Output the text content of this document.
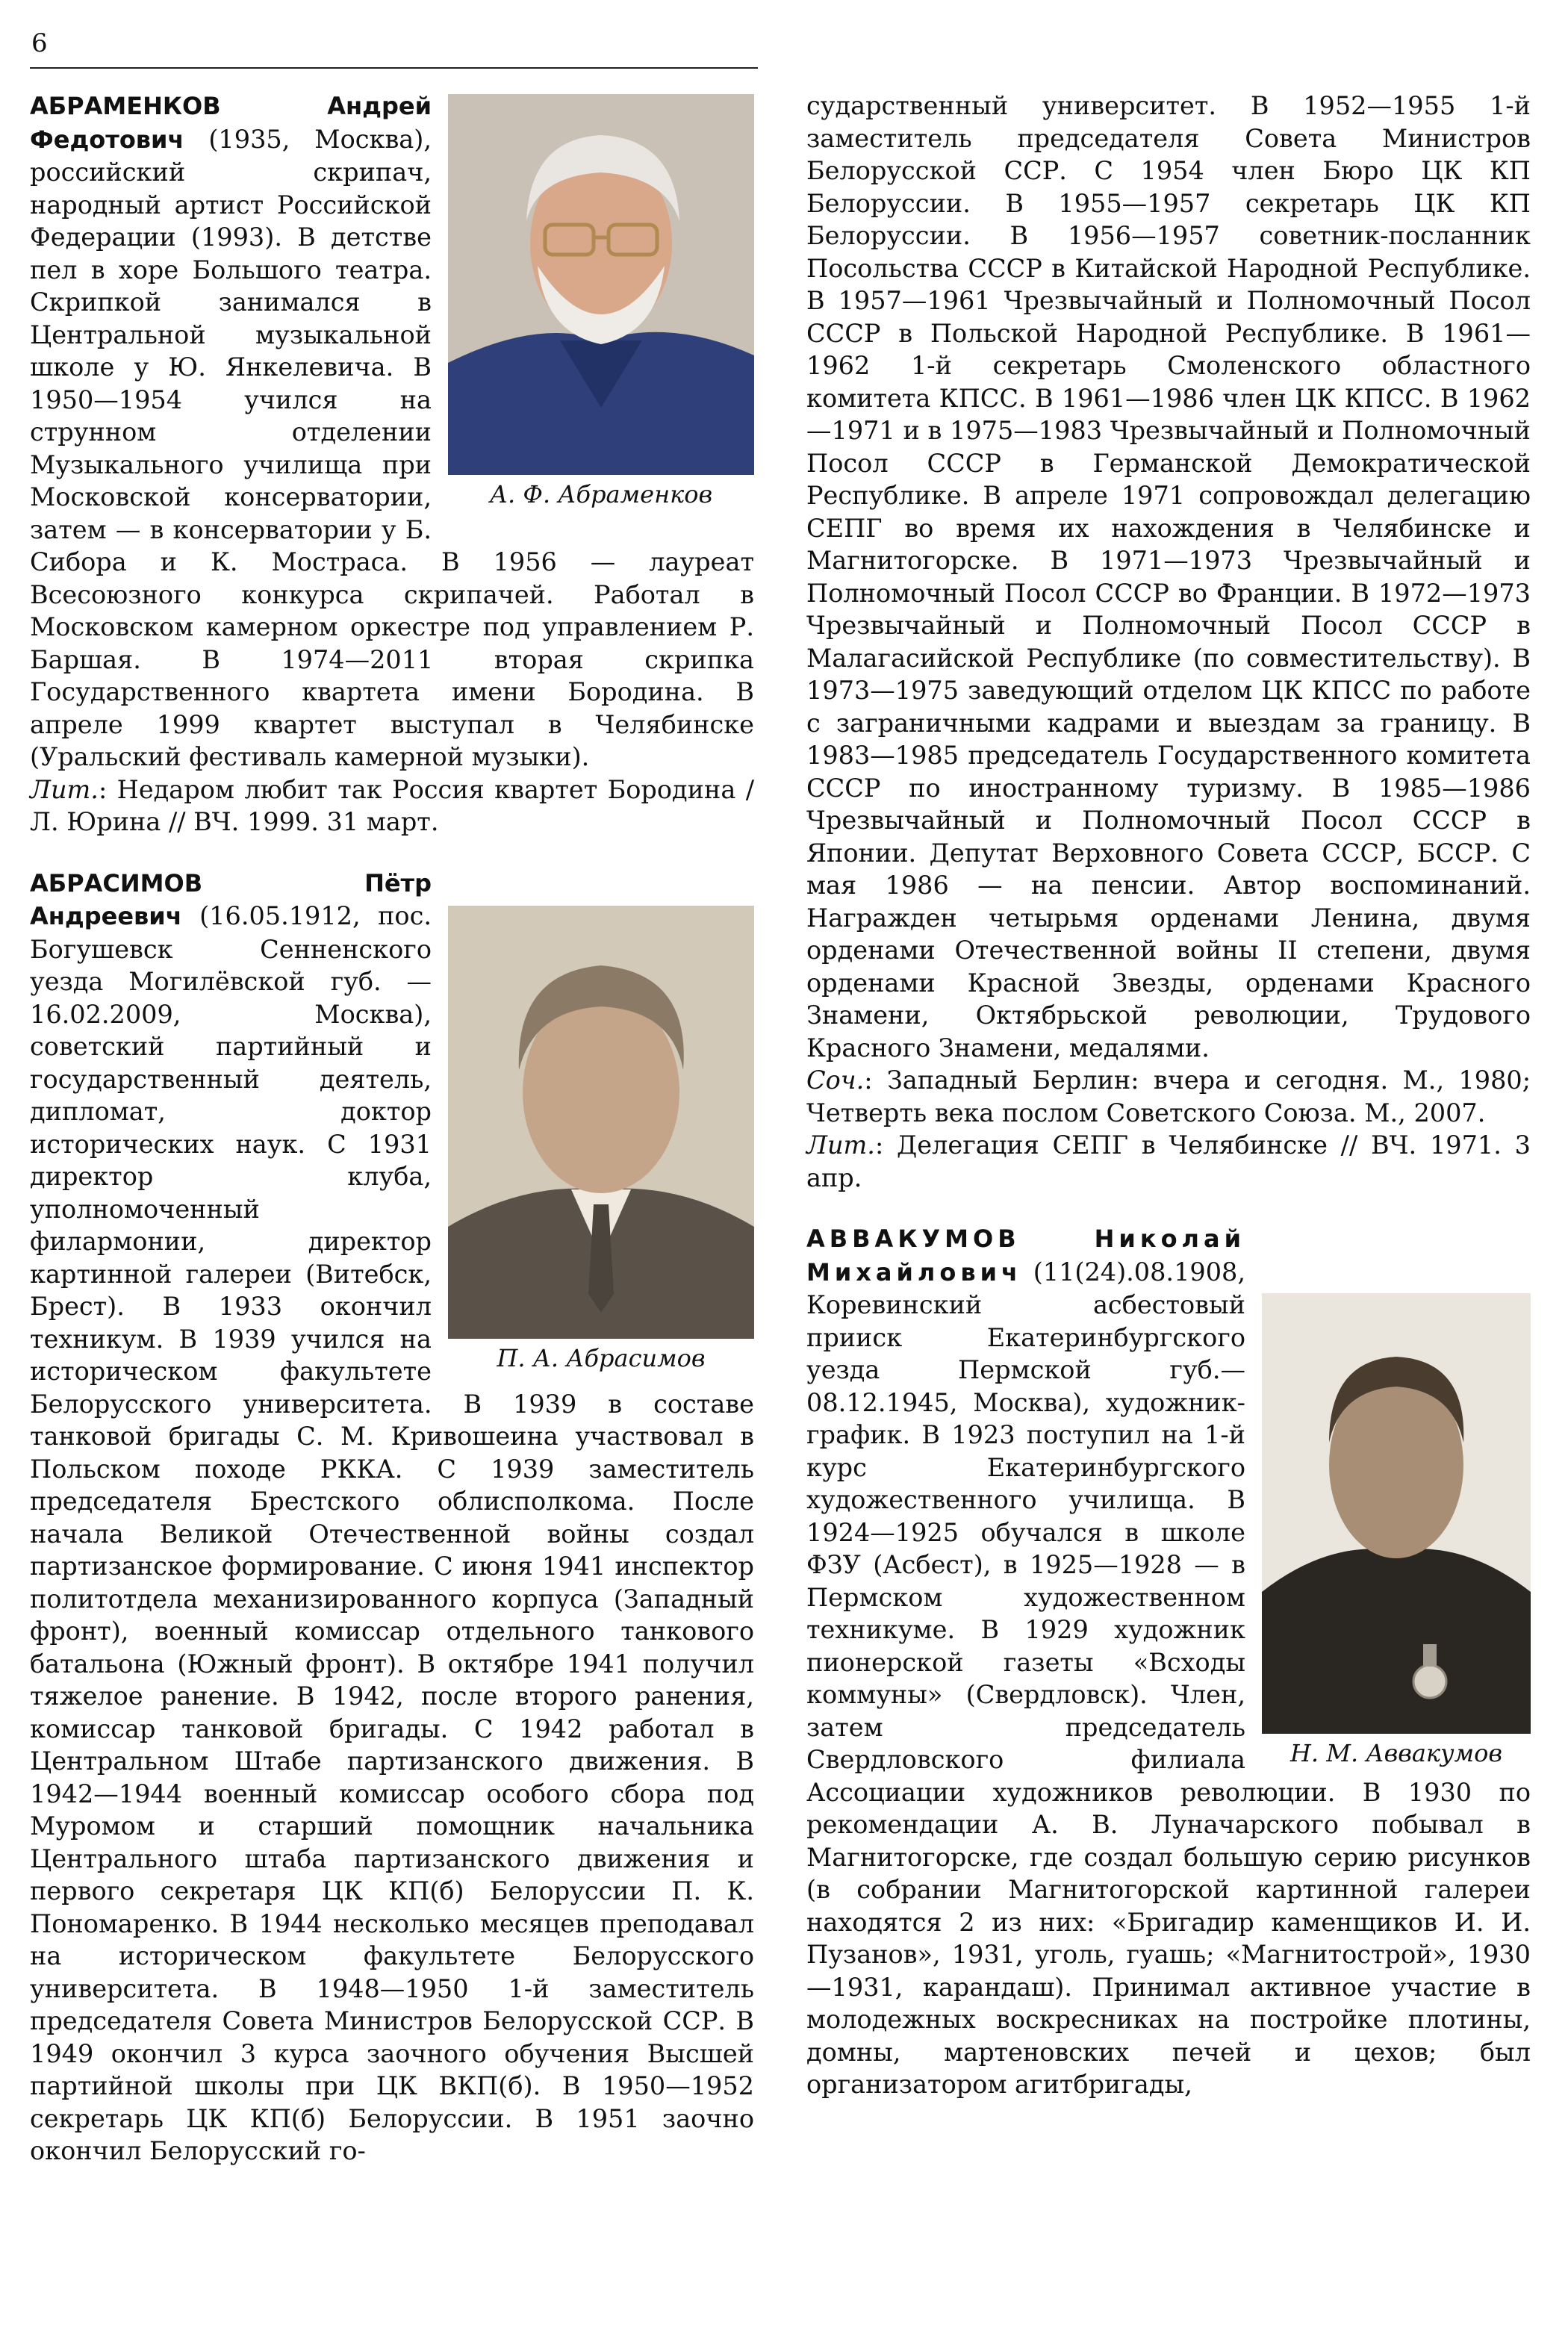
6
А. Ф. Абраменков

АБРАМЕНКОВ Андрей Федотович (1935, Москва), российский скрипач, народный артист Российской Федерации (1993). В детстве пел в хоре Большого театра. Скрипкой занимался в Центральной музыкальной школе у Ю. Янкелевича. В 1950—1954 учился на струнном отделении Музыкального училища при Московской консерватории, затем — в консерватории у Б. Сибора и К. Мостраса. В 1956 — лауреат Всесоюзного конкурса скрипачей. Работал в Московском камерном оркестре под управлением Р. Баршая. В 1974—2011 вторая скрипка Государственного квартета имени Бородина. В апреле 1999 квартет выступал в Челябинске (Уральский фестиваль камерной музыки).

Лит.: Недаром любит так Россия квартет Бородина / Л. Юрина // ВЧ. 1999. 31 март.

П. А. Абрасимов

АБРАСИМОВ Пётр Андреевич (16.05.1912, пос. Богушевск Сенненского уезда Могилёвской губ. — 16.02.2009, Москва), советский партийный и государственный деятель, дипломат, доктор исторических наук. С 1931 директор клуба, уполномоченный филармонии, директор картинной галереи (Витебск, Брест). В 1933 окончил техникум. В 1939 учился на историческом факультете Белорусского университета. В 1939 в составе танковой бригады С. М. Кривошеина участвовал в Польском походе РККА. С 1939 заместитель председателя Брестского облисполкома. После начала Великой Отечественной войны создал партизанское формирование. С июня 1941 инспектор политотдела механизированного корпуса (Западный фронт), военный комиссар отдельного танкового батальона (Южный фронт). В октябре 1941 получил тяжелое ранение. В 1942, после второго ранения, комиссар танковой бригады. С 1942 работал в Центральном Штабе партизанского движения. В 1942—1944 военный комиссар особого сбора под Муромом и старший помощник начальника Центрального штаба партизанского движения и первого секретаря ЦК КП(б) Белоруссии П. К. Пономаренко. В 1944 несколько месяцев преподавал на историческом факультете Белорусского университета. В 1948—1950 1-й заместитель председателя Совета Министров Белорусской ССР. В 1949 окончил 3 курса заочного обучения Высшей партийной школы при ЦК ВКП(б). В 1950—1952 секретарь ЦК КП(б) Белоруссии. В 1951 заочно окончил Белорусский го-

сударственный университет. В 1952—1955 1-й заместитель председателя Совета Министров Белорусской ССР. С 1954 член Бюро ЦК КП Белоруссии. В 1955—1957 секретарь ЦК КП Белоруссии. В 1956—1957 советник-посланник Посольства СССР в Китайской Народной Республике. В 1957—1961 Чрезвычайный и Полномочный Посол СССР в Польской Народной Республике. В 1961—1962 1-й секретарь Смоленского областного комитета КПСС. В 1961—1986 член ЦК КПСС. В 1962—1971 и в 1975—1983 Чрезвычайный и Полномочный Посол СССР в Германской Демократической Республике. В апреле 1971 сопровождал делегацию СЕПГ во время их нахождения в Челябинске и Магнитогорске. В 1971—1973 Чрезвычайный и Полномочный Посол СССР во Франции. В 1972—1973 Чрезвычайный и Полномочный Посол СССР в Малагасийской Республике (по совместительству). В 1973—1975 заведующий отделом ЦК КПСС по работе с заграничными кадрами и выездам за границу. В 1983—1985 председатель Государственного комитета СССР по иностранному туризму. В 1985—1986 Чрезвычайный и Полномочный Посол СССР в Японии. Депутат Верховного Совета СССР, БССР. С мая 1986 — на пенсии. Автор воспоминаний. Награжден четырьмя орденами Ленина, двумя орденами Отечественной войны II степени, двумя орденами Красной Звезды, орденами Красного Знамени, Октябрьской революции, Трудового Красного Знамени, медалями.

Соч.: Западный Берлин: вчера и сегодня. М., 1980; Четверть века послом Советского Союза. М., 2007.

Лит.: Делегация СЕПГ в Челябинске // ВЧ. 1971. 3 апр.

Н. М. Аввакумов

АВВАКУМОВ Николай Михайлович (11(24).08.1908, Коревинский асбестовый прииск Екатеринбургского уезда Пермской губ.— 08.12.1945, Москва), художник-график. В 1923 поступил на 1-й курс Екатеринбургского художественного училища. В 1924—1925 обучался в школе ФЗУ (Асбест), в 1925—1928 — в Пермском художественном техникуме. В 1929 художник пионерской газеты «Всходы коммуны» (Свердловск). Член, затем председатель Свердловского филиала Ассоциации художников революции. В 1930 по рекомендации А. В. Луначарского побывал в Магнитогорске, где создал большую серию рисунков (в собрании Магнитогорской картинной галереи находятся 2 из них: «Бригадир каменщиков И. И. Пузанов», 1931, уголь, гуашь; «Магнитострой», 1930—1931, карандаш). Принимал активное участие в молодежных воскресниках на постройке плотины, домны, мартеновских печей и цехов; был организатором агитбригады,
